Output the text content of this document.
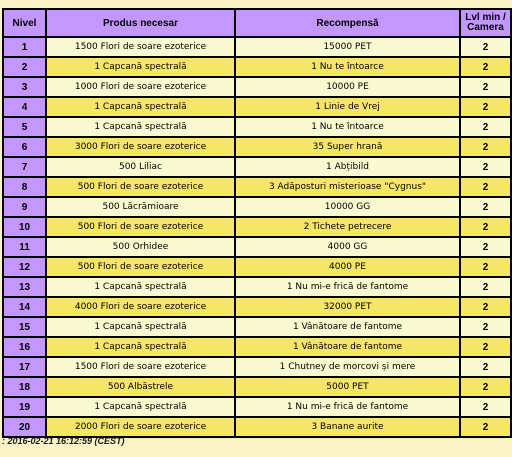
Nivel	Produs necesar	Recompensă	Lvl min /
Camera
1	1500 Flori de soare ezoterice	15000 PET	2
2	1 Capcană spectrală	1 Nu te întoarce	2
3	1000 Flori de soare ezoterice	10000 PE	2
4	1 Capcană spectrală	1 Linie de Vrej	2
5	1 Capcană spectrală	1 Nu te întoarce	2
6	3000 Flori de soare ezoterice	35 Super hrană	2
7	500 Liliac	1 Abțibild	2
8	500 Flori de soare ezoterice	3 Adăposturi misterioase "Cygnus"	2
9	500 Lăcrămioare	10000 GG	2
10	500 Flori de soare ezoterice	2 Tichete petrecere	2
11	500 Orhidee	4000 GG	2
12	500 Flori de soare ezoterice	4000 PE	2
13	1 Capcană spectrală	1 Nu mi-e frică de fantome	2
14	4000 Flori de soare ezoterice	32000 PET	2
15	1 Capcană spectrală	1 Vânătoare de fantome	2
16	1 Capcană spectrală	1 Vânătoare de fantome	2
17	1500 Flori de soare ezoterice	1 Chutney de morcovi și mere	2
18	500 Albăstrele	5000 PET	2
19	1 Capcană spectrală	1 Nu mi-e frică de fantome	2
20	2000 Flori de soare ezoterice	3 Banane aurite	2
: 2016-02-21 16:12:59 (CEST)
